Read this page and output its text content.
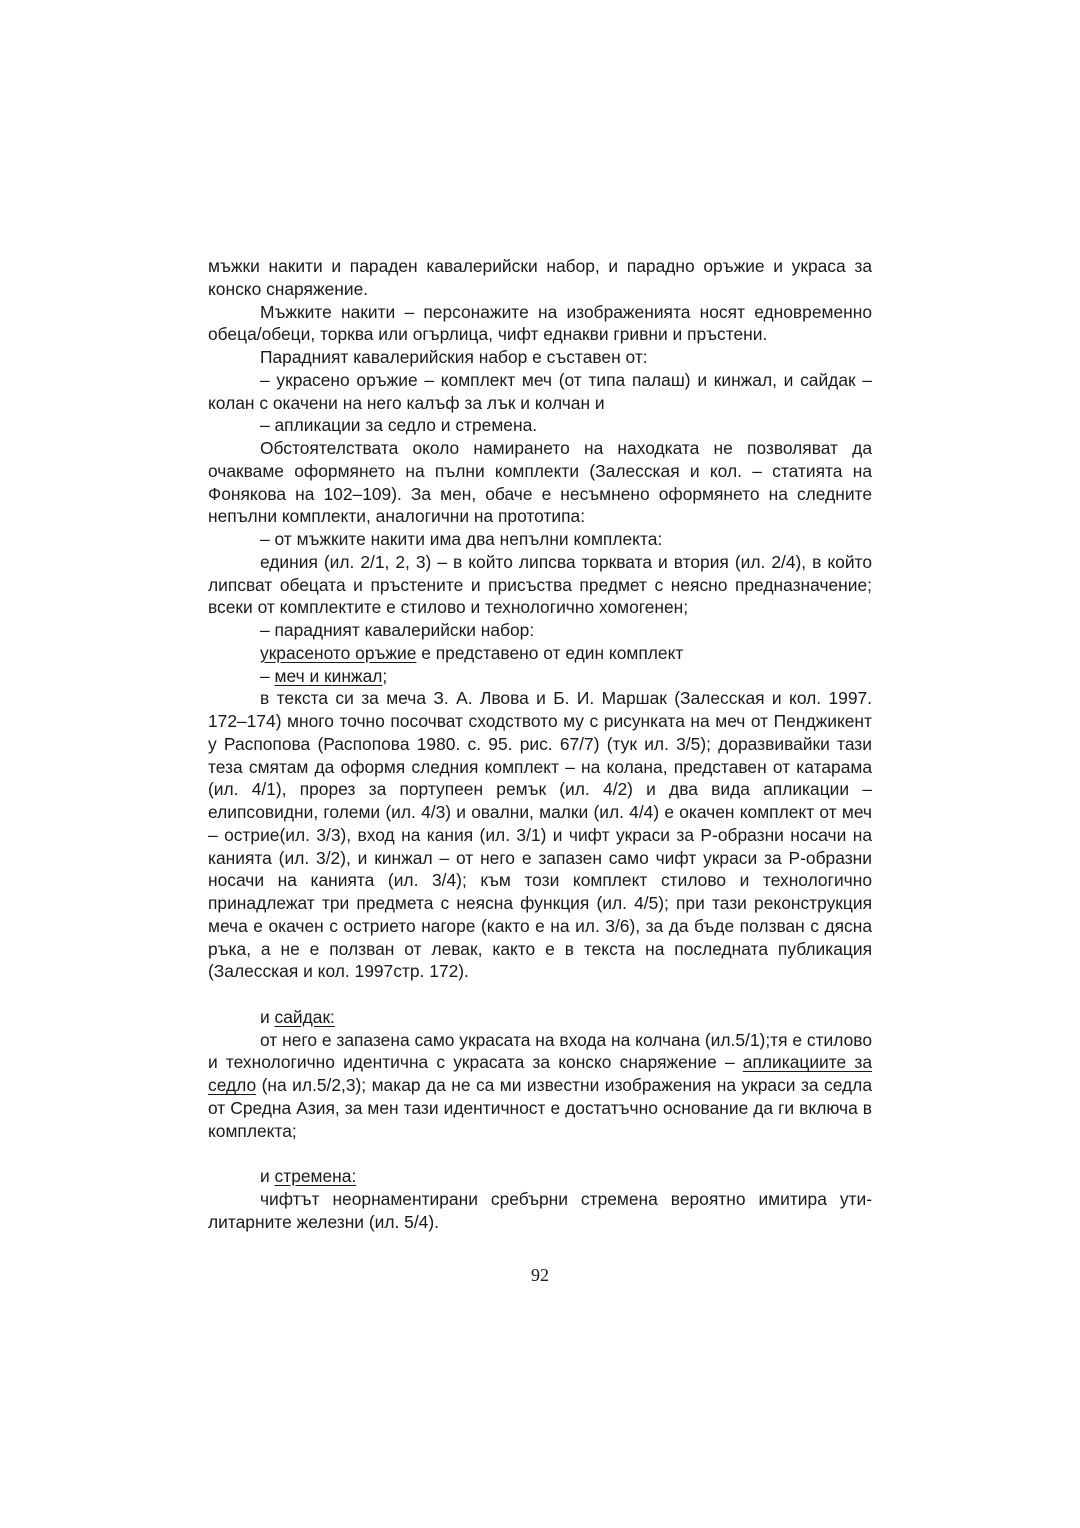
мъжки накити и параден кавалерийски набор, и парадно оръжие и украса за конско снаряжение.

Мъжките накити – персонажите на изображенията носят едновременно обеца/обеци, торква или огърлица, чифт еднакви гривни и пръстени.

Парадният кавалерийския набор е съставен от:

– украсено оръжие – комплект меч (от типа палаш) и кинжал, и сайдак – колан с окачени на него калъф за лък и колчан и

– апликации за седло и стремена.

Обстоятелствата около намирането на находката не позволяват да очакваме оформянето на пълни комплекти (Залесская и кол. – статията на Фонякова на 102–109). За мен, обаче е несъмнено оформянето на следните непълни комплекти, аналогични на прототипа:

– от мъжките накити има два непълни комплекта:

единия (ил. 2/1, 2, 3) – в който липсва торквата и втория (ил. 2/4), в който липсват обецата и пръстените и присъства предмет с неясно предназначение; всеки от комплектите е стилово и технологично хомогенен;

– парадният кавалерийски набор:

украсеното оръжие е представено от един комплект

– меч и кинжал;

в текста си за меча З. А. Лвова и Б. И. Маршак (Залесская и кол. 1997. 172–174) много точно посочват сходството му с рисунката на меч от Пенджикент у Распопова (Распопова 1980. с. 95. рис. 67/7) (тук ил. 3/5); доразвивайки тази теза смятам да оформя следния комплект – на колана, представен от катарама (ил. 4/1), прорез за портупеен ремък (ил. 4/2) и два вида апликации – елипсовидни, големи (ил. 4/3) и овални, малки (ил. 4/4) е окачен комплект от меч – острие(ил. 3/3), вход на кания (ил. 3/1) и чифт украси за Р-образни носачи на канията (ил. 3/2), и кинжал – от него е запазен само чифт украси за Р-образни носачи на канията (ил. 3/4); към този комплект стилово и технологично принадлежат три предмета с неясна функция (ил. 4/5); при тази реконструкция меча е окачен с острието нагоре (както е на ил. 3/6), за да бъде ползван с дясна ръка, а не е ползван от левак, както е в текста на последната публикация (Залесская и кол. 1997стр. 172).

и сайдак:

от него е запазена само украсата на входа на колчана (ил.5/1);тя е стилово и технологично идентична с украсата за конско снаряжение – апликациите за седло (на ил.5/2,3); макар да не са ми известни изображения на украси за седла от Средна Азия, за мен тази идентичност е достатъчно основание да ги включа в комплекта;

и стремена:

чифтът неорнаментирани сребърни стремена вероятно имитира ути-литарните железни (ил. 5/4).

92
